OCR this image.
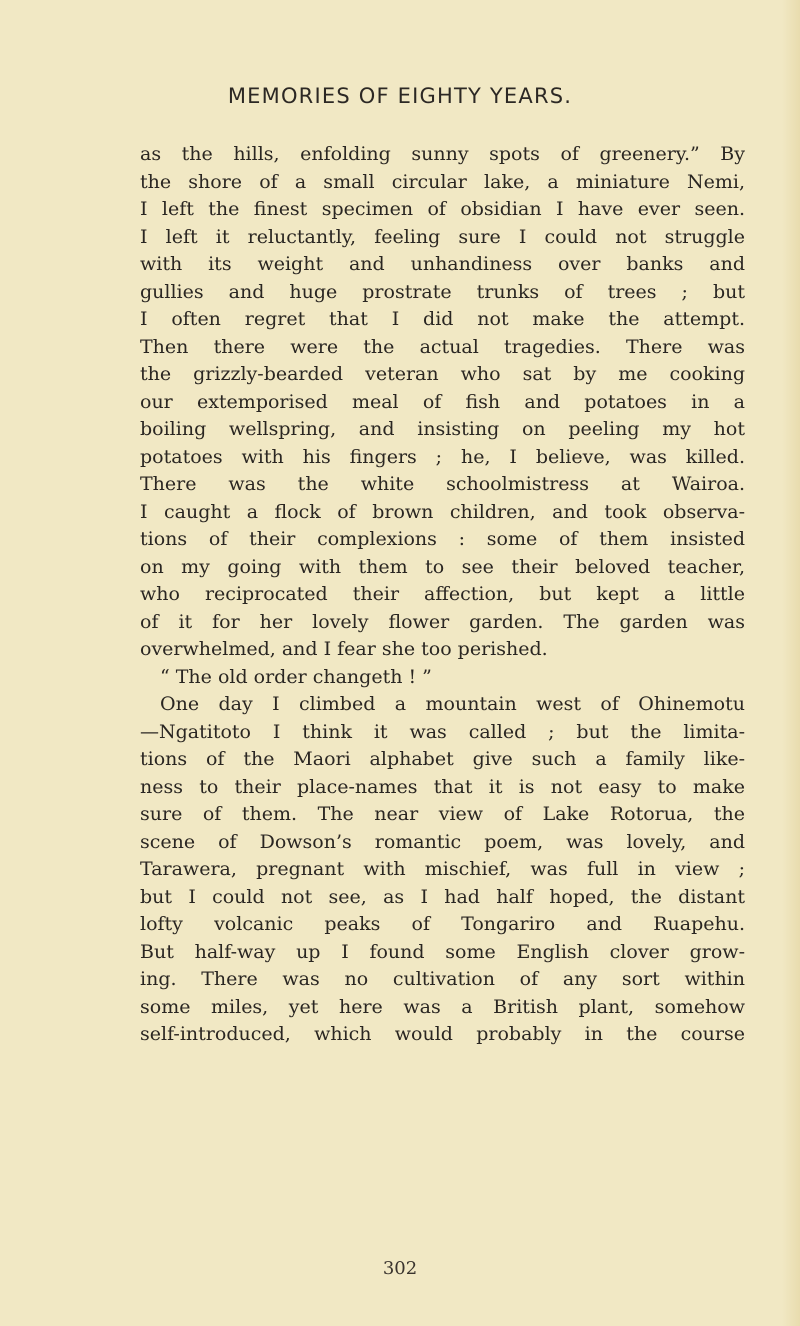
MEMORIES OF EIGHTY YEARS.
as the hills, enfolding sunny spots of greenery.” By
the shore of a small circular lake, a miniature Nemi,
I left the finest specimen of obsidian I have ever seen.
I left it reluctantly, feeling sure I could not struggle
with its weight and unhandiness over banks and
gullies and huge prostrate trunks of trees ; but
I often regret that I did not make the attempt.
Then there were the actual tragedies. There was
the grizzly-bearded veteran who sat by me cooking
our extemporised meal of fish and potatoes in a
boiling wellspring, and insisting on peeling my hot
potatoes with his fingers ; he, I believe, was killed.
There was the white schoolmistress at Wairoa.
I caught a flock of brown children, and took observa-
tions of their complexions : some of them insisted
on my going with them to see their beloved teacher,
who reciprocated their affection, but kept a little
of it for her lovely flower garden. The garden was
overwhelmed, and I fear she too perished.
“ The old order changeth ! ”
One day I climbed a mountain west of Ohinemotu
—Ngatitoto I think it was called ; but the limita-
tions of the Maori alphabet give such a family like-
ness to their place-names that it is not easy to make
sure of them. The near view of Lake Rotorua, the
scene of Dowson’s romantic poem, was lovely, and
Tarawera, pregnant with mischief, was full in view ;
but I could not see, as I had half hoped, the distant
lofty volcanic peaks of Tongariro and Ruapehu.
But half-way up I found some English clover grow-
ing. There was no cultivation of any sort within
some miles, yet here was a British plant, somehow
self-introduced, which would probably in the course
302
